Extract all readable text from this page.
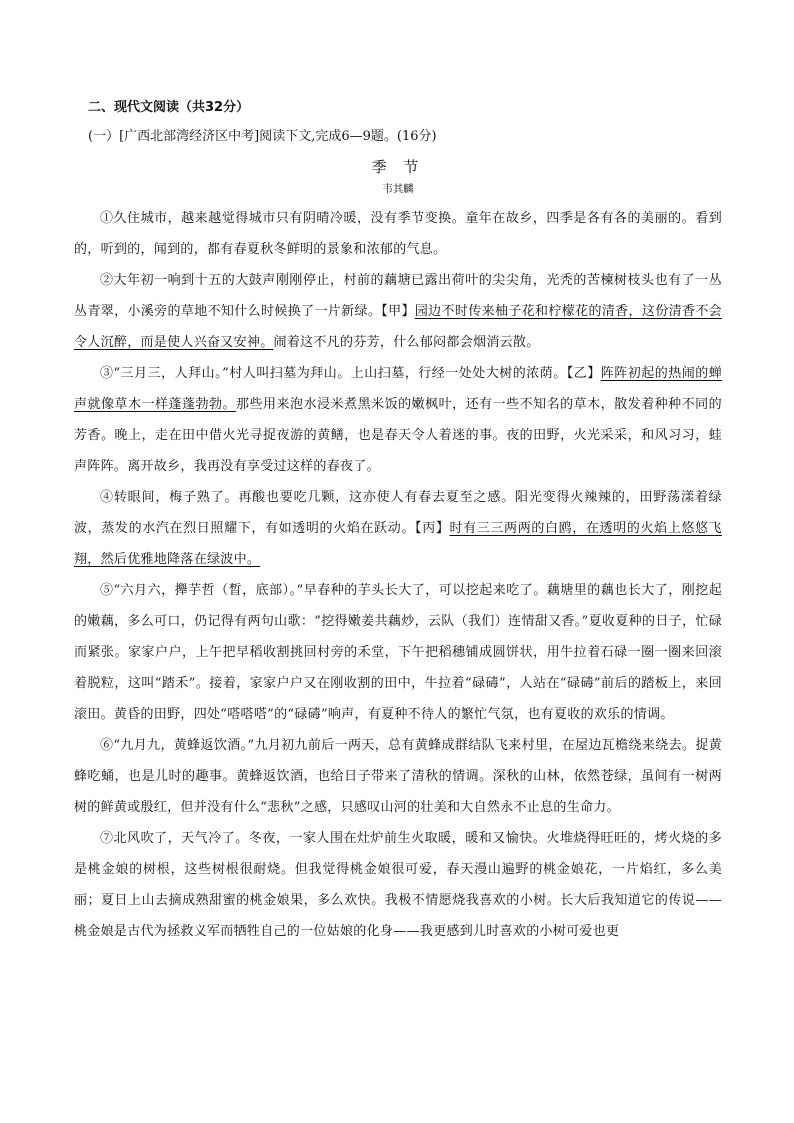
二、现代文阅读（共32分）
(一）[广西北部湾经济区中考]阅读下文,完成6—9题。(16分)
季 节
韦其麟

①久住城市，越来越觉得城市只有阴晴冷暖，没有季节变换。童年在故乡，四季是各有各的美丽的。看到的，听到的，闻到的，都有春夏秋冬鲜明的景象和浓郁的气息。

②大年初一响到十五的大鼓声刚刚停止，村前的藕塘已露出荷叶的尖尖角，光秃的苦楝树枝头也有了一丛丛青翠，小溪旁的草地不知什么时候换了一片新绿。【甲】园边不时传来柚子花和柠檬花的清香，这份清香不会令人沉醉，而是使人兴奋又安神。闹着这不凡的芬芳，什么郁闷都会烟消云散。

③“三月三，人拜山。”村人叫扫墓为拜山。上山扫墓，行经一处处大树的浓荫。【乙】阵阵初起的热闹的蝉声就像草木一样蓬蓬勃勃。那些用来泡水浸米煮黑米饭的嫩枫叶，还有一些不知名的草木，散发着种种不同的芳香。晚上，走在田中借火光寻捉夜游的黄鳝，也是春天令人着迷的事。夜的田野，火光采采，和风习习，蛙声阵阵。离开故乡，我再没有享受过这样的春夜了。

④转眼间，梅子熟了。再酸也要吃几颗，这亦使人有春去夏至之感。阳光变得火辣辣的，田野荡漾着绿波，蒸发的水汽在烈日照耀下，有如透明的火焰在跃动。【丙】时有三三两两的白鸥，在透明的火焰上悠悠飞翔，然后优雅地降落在绿波中。

⑤“六月六，攑芋哲（晳，底部）。”早春种的芋头长大了，可以挖起来吃了。藕塘里的藕也长大了，刚挖起的嫩藕，多么可口，仍记得有两句山歌：“挖得嫩姜共藕炒，云队（我们）连情甜又香。”夏收夏种的日子，忙碌而紧张。家家户户，上午把早稻收割挑回村旁的禾堂，下午把稻穗铺成圆饼状，用牛拉着石碌一圈一圈来回滚着脱粒，这叫“踏禾”。接着，家家户户又在刚收割的田中，牛拉着“碌碡”，人站在“碌碡”前后的踏板上，来回滚田。黄昏的田野，四处“嗒嗒嗒”的“碌碡”响声，有夏种不待人的繁忙气氛，也有夏收的欢乐的情调。

⑥“九月九，黄蜂返饮酒。”九月初九前后一两天，总有黄蜂成群结队飞来村里，在屋边瓦檐绕来绕去。捉黄蜂吃蛹，也是儿时的趣事。黄蜂返饮酒，也给日子带来了清秋的情调。深秋的山林，依然苍绿，虽间有一树两树的鲜黄或殷红，但并没有什么“悲秋”之感，只感叹山河的壮美和大自然永不止息的生命力。

⑦北风吹了，天气冷了。冬夜，一家人围在灶炉前生火取暖，暖和又愉快。火堆烧得旺旺的，烤火烧的多是桃金娘的树根，这些树根很耐烧。但我觉得桃金娘很可爱，春天漫山遍野的桃金娘花，一片焰红，多么美丽；夏日上山去摘成熟甜蜜的桃金娘果，多么欢快。我极不情愿烧我喜欢的小树。长大后我知道它的传说——桃金娘是古代为拯救义军而牺牲自己的一位姑娘的化身——我更感到儿时喜欢的小树可爱也更
